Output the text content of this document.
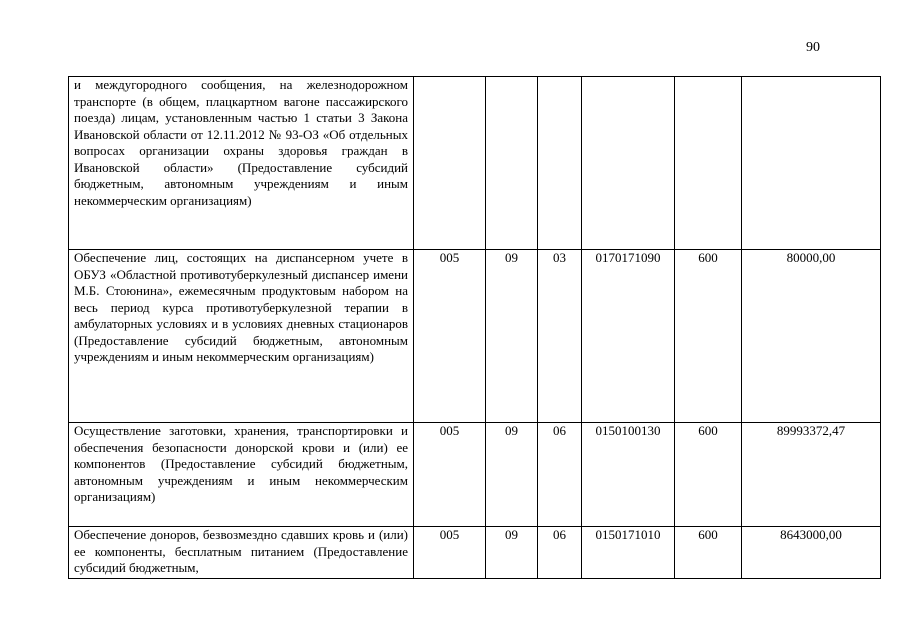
90
и междугородного сообщения, на железнодорожном транспорте (в общем, плацкартном вагоне пассажирского поезда) лицам, установленным частью 1 статьи 3 Закона Ивановской области от 12.11.2012 № 93-ОЗ «Об отдельных вопросах организации охраны здоровья граждан в Ивановской области» (Предоставление субсидий бюджетным, автономным учреждениям и иным некоммерческим организациям)						
Обеспечение лиц, состоящих на диспансерном учете в ОБУЗ «Областной противотуберкулезный диспансер имени М.Б. Стоюнина», ежемесячным продуктовым набором на весь период курса противотуберкулезной терапии в амбулаторных условиях и в условиях дневных стационаров (Предоставление субсидий бюджетным, автономным учреждениям и иным некоммерческим организациям)	005	09	03	0170171090	600	80000,00
Осуществление заготовки, хранения, транспортировки и обеспечения безопасности донорской крови и (или) ее компонентов (Предоставление субсидий бюджетным, автономным учреждениям и иным некоммерческим организациям)	005	09	06	0150100130	600	89993372,47
Обеспечение доноров, безвозмездно сдавших кровь и (или) ее компоненты, бесплатным питанием (Предоставление субсидий бюджетным,	005	09	06	0150171010	600	8643000,00
